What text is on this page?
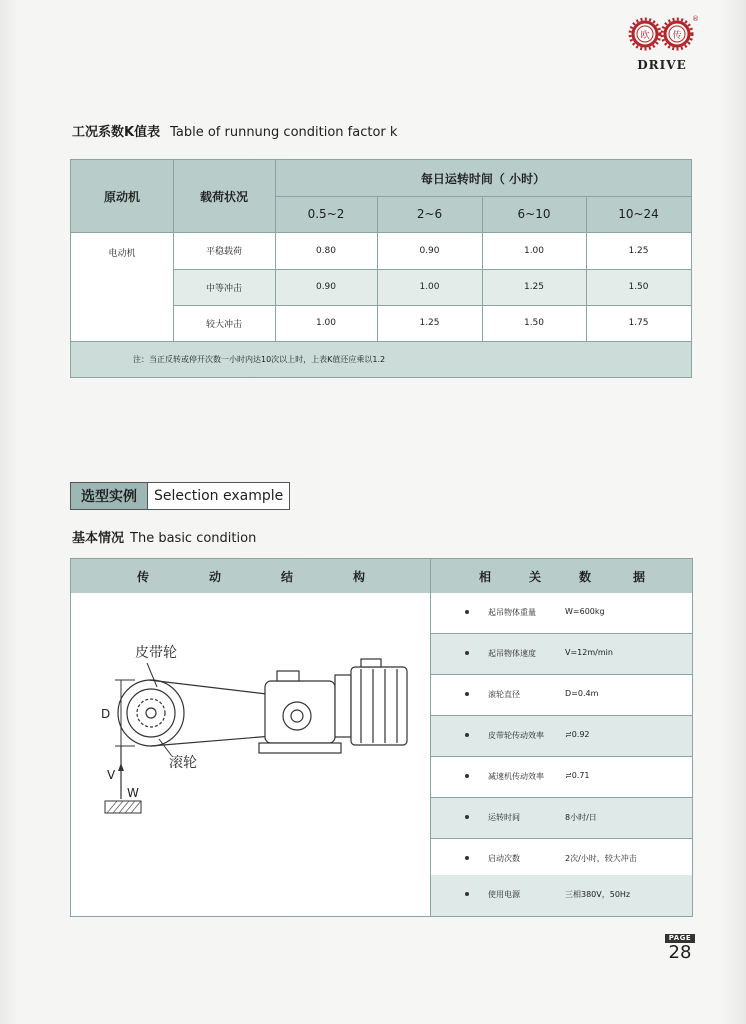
欧	传
®
DRIVE
工况系数K值表 Table of runnung condition factor k
注：当正反转或停开次数一小时内达10次以上时，上表K值还应乘以1.2
原动机	载荷状况
每日运转时间（ 小时）
0.5~2	2~6	6~10	10~24
电动机	平稳载荷	0.80	0.90	1.00	1.25
中等冲击	0.90	1.00	1.25	1.50
较大冲击	1.00	1.25	1.50	1.75
选型实例	Selection example
基本情况 The basic condition
传	动	结	构	相	关	数	据
起吊物体重量	W=600kg
起吊物体速度	V=12m/min
滚轮直径	D=0.4m
皮带轮传动效率	≓0.92
减速机传动效率	≓0.71
运转时间	8小时/日
启动次数	2次/小时，较大冲击
使用电源	三相380V，50Hz
D
V
W
皮带轮
滚轮
PAGE
28
